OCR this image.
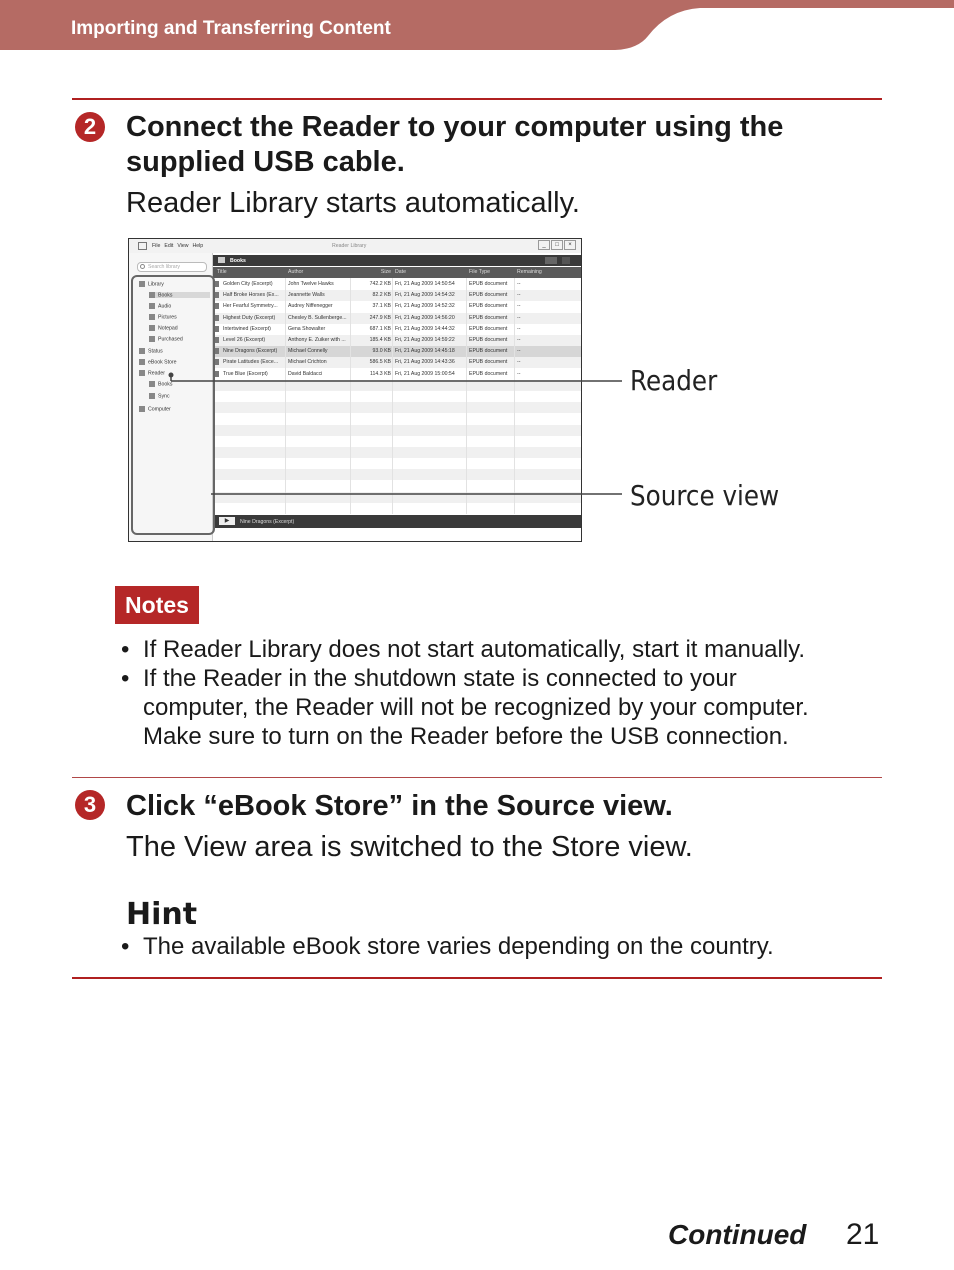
Importing and Transferring Content
2	Connect the Reader to your computer using the
supplied USB cable.
Reader Library starts automatically.
File Edit View Help	Reader Library	_ □ ×
Search library
Library
Books
Audio
Pictures
Notepad
Purchased
Status
eBook Store
Reader
Books
Sync
Computer
Books
Title	Author	Size Date	File Type	Remaining
Golden City (Excerpt)	John Twelve Hawks	742.2 KB Fri, 21 Aug 2009 14:50:54	EPUB document	--
Half Broke Horses (Ex...	Jeannette Walls	82.2 KB Fri, 21 Aug 2009 14:54:32	EPUB document	--
Her Fearful Symmetry...	Audrey Niffenegger	37.1 KB Fri, 21 Aug 2009 14:52:32	EPUB document	--
Highest Duty (Excerpt)	Chesley B. Sullenberge...	247.9 KB Fri, 21 Aug 2009 14:56:20	EPUB document	--
Intertwined (Excerpt)	Gena Showalter	687.1 KB Fri, 21 Aug 2009 14:44:32	EPUB document	--
Level 26 (Excerpt)	Anthony E. Zuiker with ...	185.4 KB Fri, 21 Aug 2009 14:59:22	EPUB document	--
Nine Dragons (Excerpt)	Michael Connelly	93.0 KB Fri, 21 Aug 2009 14:45:18	EPUB document	--
Pirate Latitudes (Exce...	Michael Crichton	586.5 KB Fri, 21 Aug 2009 14:43:36	EPUB document	--
True Blue (Excerpt)	David Baldacci	114.3 KB Fri, 21 Aug 2009 15:00:54	EPUB document	--
▶	Nine Dragons (Excerpt)
Reader
Source view
Notes
• If Reader Library does not start automatically, start it manually.
• If the Reader in the shutdown state is connected to your
computer, the Reader will not be recognized by your computer.
Make sure to turn on the Reader before the USB connection.
3	Click “eBook Store” in the Source view.
The View area is switched to the Store view.
Hint
• The available eBook store varies depending on the country.
Continued 21
